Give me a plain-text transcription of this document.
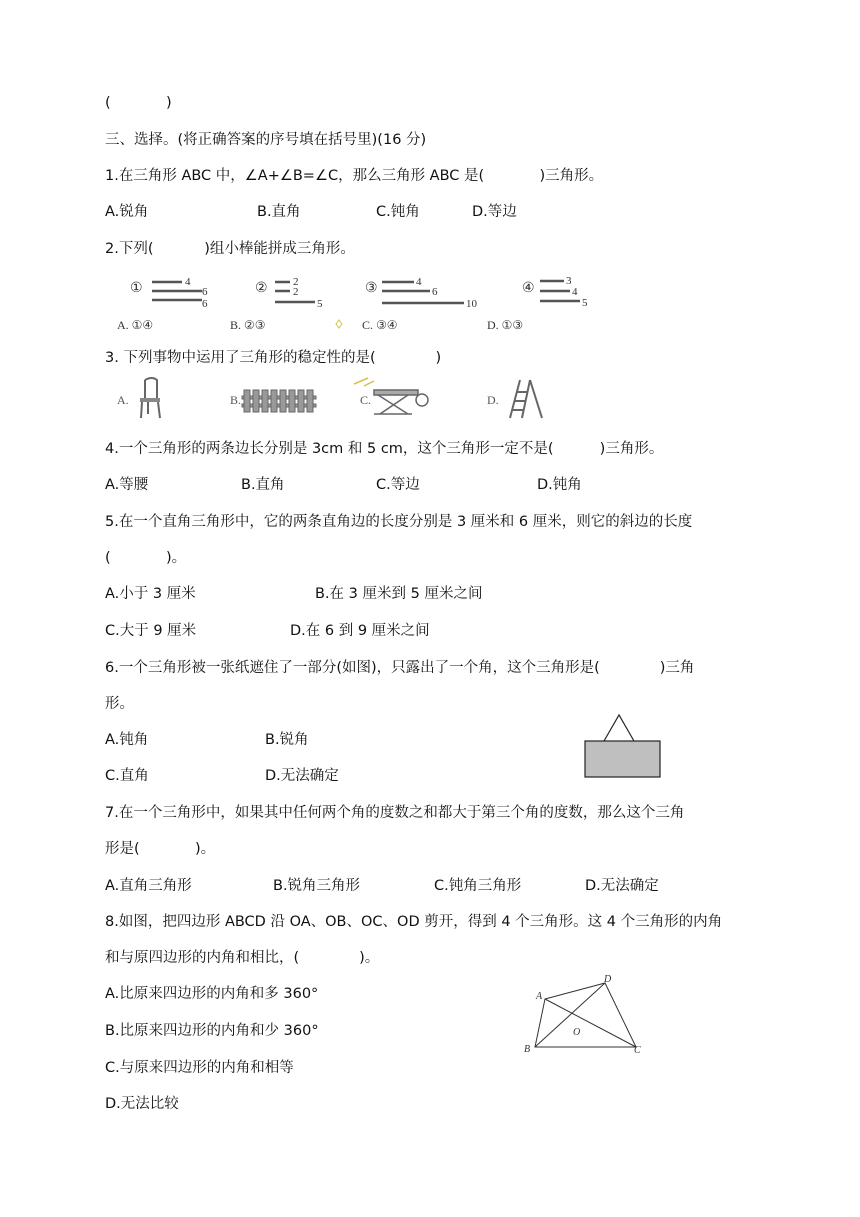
(            )
三、选择。(将正确答案的序号填在括号里)(16 分)
1.在三角形 ABC 中，∠A+∠B=∠C，那么三角形 ABC 是(            )三角形。
A.锐角	B.直角	C.钝角	D.等边
2.下列(           )组小棒能拼成三角形。
①	4
6
6
② 2
2
5
③	4
6
10
④	3
4
5
A. ①④	B. ②③	C. ③④	D. ①③
3. 下列事物中运用了三角形的稳定性的是(             )
A.	B.	C.	D.
4.一个三角形的两条边长分别是 3cm 和 5 cm，这个三角形一定不是(          )三角形。
A.等腰	B.直角	C.等边	D.钝角
5.在一个直角三角形中，它的两条直角边的长度分别是 3 厘米和 6 厘米，则它的斜边的长度
(            )。
A.小于 3 厘米	B.在 3 厘米到 5 厘米之间
C.大于 9 厘米	D.在 6 到 9 厘米之间
6.一个三角形被一张纸遮住了一部分(如图)，只露出了一个角，这个三角形是(             )三角
形。
A.钝角	B.锐角
C.直角	D.无法确定
7.在一个三角形中，如果其中任何两个角的度数之和都大于第三个角的度数，那么这个三角
形是(            )。
A.直角三角形	B.锐角三角形	C.钝角三角形	D.无法确定
8.如图，把四边形 ABCD 沿 OA、OB、OC、OD 剪开，得到 4 个三角形。这 4 个三角形的内角
和与原四边形的内角和相比，(             )。
A.比原来四边形的内角和多 360°
B.比原来四边形的内角和少 360°
C.与原来四边形的内角和相等
D.无法比较
A
B	C
D
O
